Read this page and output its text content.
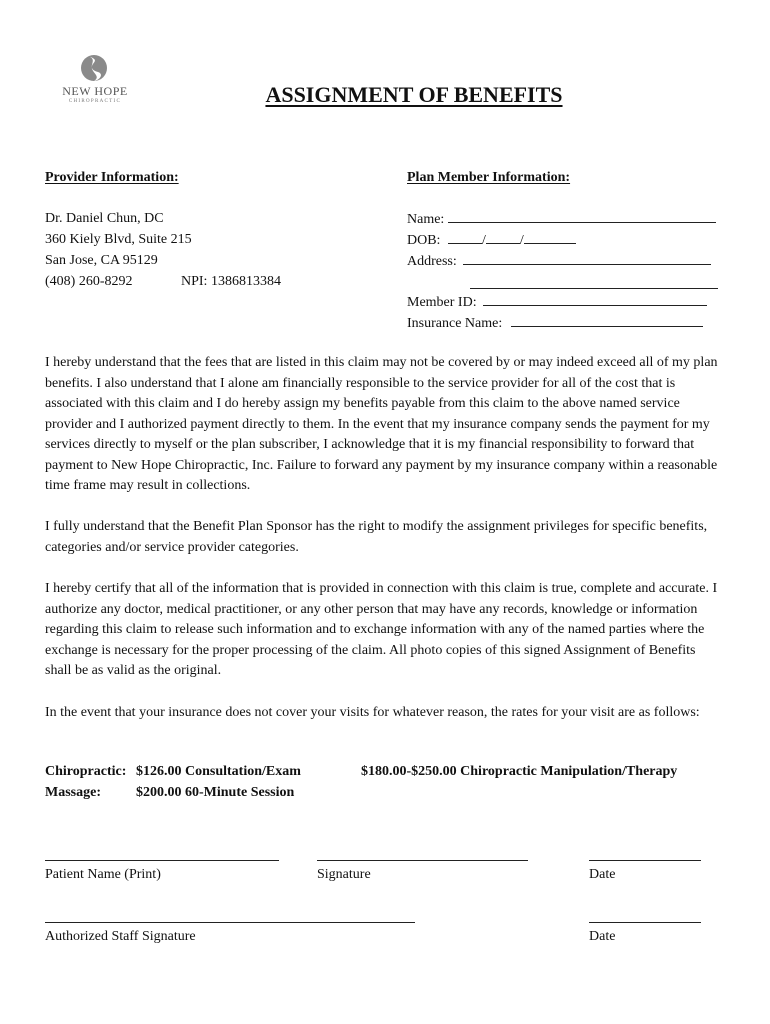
NEW HOPE
CHIROPRACTIC	ASSIGNMENT OF BENEFITS
Provider Information:
Dr. Daniel Chun, DC
360 Kiely Blvd, Suite 215
San Jose, CA 95129
(408) 260-8292	NPI: 1386813384
Plan Member Information:
Name:
DOB:	/ /
Address:
Member ID:
Insurance Name:
I hereby understand that the fees that are listed in this claim may not be covered by or may indeed exceed all of my plan benefits. I also understand that I alone am financially responsible to the service provider for all of the cost that is associated with this claim and I do hereby assign my benefits payable from this claim to the above named service provider and I authorized payment directly to them. In the event that my insurance company sends the payment for my services directly to myself or the plan subscriber, I acknowledge that it is my financial responsibility to forward that payment to New Hope Chiropractic, Inc. Failure to forward any payment by my insurance company within a reasonable time frame may result in collections.
I fully understand that the Benefit Plan Sponsor has the right to modify the assignment privileges for specific benefits, categories and/or service provider categories.
I hereby certify that all of the information that is provided in connection with this claim is true, complete and accurate. I authorize any doctor, medical practitioner, or any other person that may have any records, knowledge or information regarding this claim to release such information and to exchange information with any of the named parties where the exchange is necessary for the proper processing of the claim. All photo copies of this signed Assignment of Benefits shall be as valid as the original.
In the event that your insurance does not cover your visits for whatever reason, the rates for your visit are as follows:
Chiropractic: $126.00 Consultation/Exam	$180.00-$250.00 Chiropractic Manipulation/Therapy
Massage:	$200.00 60-Minute Session
Patient Name (Print)	Signature	Date
Authorized Staff Signature	Date
